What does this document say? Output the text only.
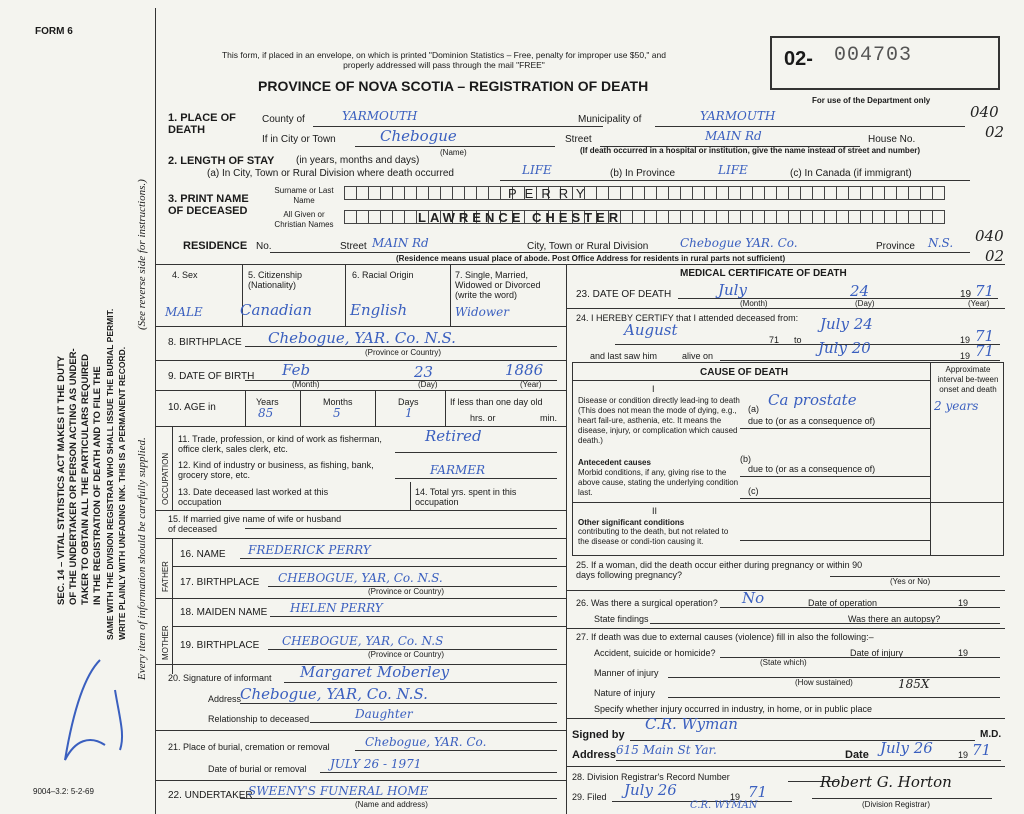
FORM 6
This form, if placed in an envelope, on which is printed "Dominion Statistics – Free, penalty for improper use $50," and properly addressed will pass through the mail "FREE"
PROVINCE OF NOVA SCOTIA – REGISTRATION OF DEATH
02- 004703
For use of the Department only
040
02
SEC. 14 – VITAL STATISTICS ACT MAKES IT THE DUTY OF THE UNDERTAKER OR PERSON ACTING AS UNDER- TAKER TO OBTAIN ALL THE PARTICULARS REQUIRED IN THE REGISTRATION OF DEATH AND TO FILE THE SAME WITH THE DIVISION REGISTRAR WHO SHALL ISSUE THE BURIAL PERMIT. WRITE PLAINLY WITH UNFADING INK. THIS IS A PERMANENT RECORD.
(See reverse side for instructions.)
Every item of information should be carefully supplied.
9004–3.2: 5-2-69
1. PLACE OF DEATH
County of	YARMOUTH	Municipality of	YARMOUTH
If in City or Town	Chebogue
(Name)
Street	MAIN Rd	House No.
040
02
(If death occurred in a hospital or institution, give the name instead of street and number)
2. LENGTH OF STAY (in years, months and days)
(a) In City, Town or Rural Division where death occurred	LIFE	(b) In Province	LIFE	(c) In Canada (if immigrant)
3. PRINT NAME OF DECEASED
Surname or Last Name
All Given or Christian Names
PERRY
LAWRENCE CHESTER
RESIDENCE No.	Street MAIN Rd	City, Town or Rural Division	Chebogue YAR. Co.	Province N.S.
(Residence means usual place of abode. Post Office Address for residents in rural parts not sufficient)
4. Sex	5. Citizenship (Nationality)
6. Racial Origin	7. Single, Married, Widowed or Divorced (write the word)
MALE Canadian	English	Widower
8. BIRTHPLACE Chebogue, YAR. Co. N.S.
(Province or Country)
9. DATE OF BIRTH Feb	23	1886
(Month)	(Day)	(Year)
10. AGE in	Years	Months	Days	If less than one day old
hrs. or	min.
85	5	1
OCCUPATION
11. Trade, profession, or kind of work as fisherman, office clerk, sales clerk, etc.
Retired
12. Kind of industry or business, as fishing, bank, grocery store, etc.	FARMER
13. Date deceased last worked at this occupation
14. Total yrs. spent in this occupation
15. If married give name of wife or husband of deceased
FATHER
MOTHER
16. NAME FREDERICK PERRY
17. BIRTHPLACE CHEBOGUE, YAR, Co. N.S.
(Province or Country)
18. MAIDEN NAME HELEN PERRY
19. BIRTHPLACE CHEBOGUE, YAR, Co. N.S
(Province or Country)
20. Signature of informant Margaret Moberley
Address
Chebogue, YAR, Co. N.S.
Relationship to deceased	Daughter
21. Place of burial, cremation or removal	Chebogue, YAR. Co.
Date of burial or removal JULY 26 - 1971
22. UNDERTAKER
SWEENY'S FUNERAL HOME
(Name and address)
MEDICAL CERTIFICATE OF DEATH
23. DATE OF DEATH	July	24	19 71
(Month)	(Day)	(Year)
24. I HEREBY CERTIFY that I attended deceased from:
August
71 to
July 24
19 71
and last saw him	alive on	July 20	19 71
CAUSE OF DEATH	Approximate interval be-tween onset and death
I
Disease or condition directly lead-ing to death (This does not mean the mode of dying, e.g., heart fail-ure, asthenia, etc. It means the disease, injury, or complication which caused death.)
(a) Ca prostate	2 years
due to (or as a consequence of)
Antecedent causes
Morbid conditions, if any, giving rise to the above cause, stating the underlying condition last.
(b)
due to (or as a consequence of)
(c)
II
Other significant conditions
contributing to the death, but not related to the disease or condi-tion causing it.
25. If a woman, did the death occur either during pregnancy or within 90 days following pregnancy?
(Yes or No)
26. Was there a surgical operation? No	Date of operation	19
State findings	Was there an autopsy?
27. If death was due to external causes (violence) fill in also the following:–
Accident, suicide or homicide?	Date of injury	19
(State which)
Manner of injury
(How sustained)
Nature of injury
185X
Specify whether injury occurred in industry, in home, or in public place
Signed by
C.R. Wyman
M.D.
Address 615 Main St Yar.	Date July 26	19 71
28. Division Registrar's Record Number
29. Filed July 26	19 71
C.R. WYMAN
Robert G. Horton
(Division Registrar)
